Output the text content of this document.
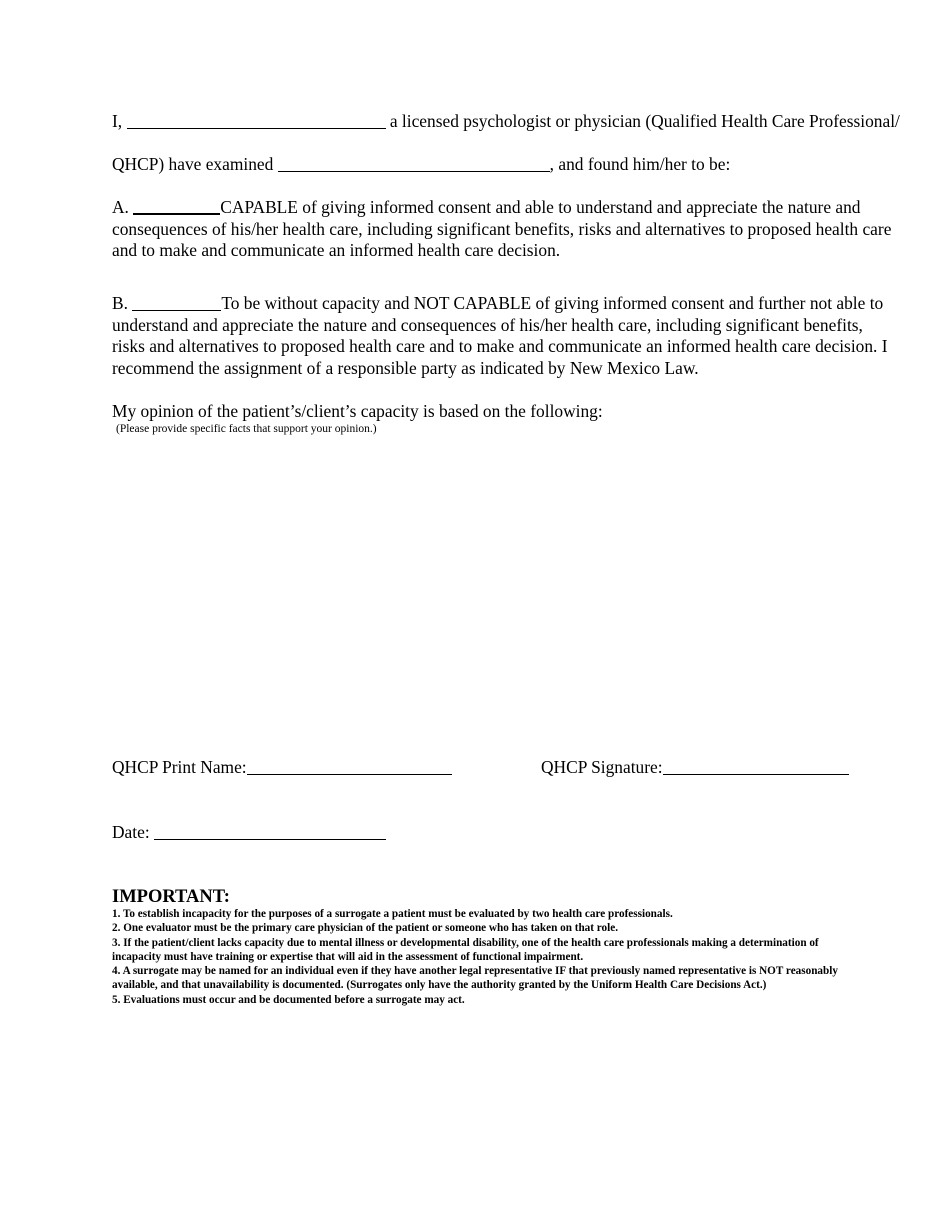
I,	a licensed psychologist or physician (Qualified Health Care Professional/
QHCP) have examined	, and found him/her to be:
A.	CAPABLE of giving informed consent and able to understand and appreciate the nature and
consequences of his/her health care, including significant benefits, risks and alternatives to proposed health care
and to make and communicate an informed health care decision.
B.	To be without capacity and NOT CAPABLE of giving informed consent and further not able to
understand and appreciate the nature and consequences of his/her health care, including significant benefits,
risks and alternatives to proposed health care and to make and communicate an informed health care decision. I
recommend the assignment of a responsible party as indicated by New Mexico Law.
My opinion of the patient’s/client’s capacity is based on the following:
(Please provide specific facts that support your opinion.)
QHCP Print Name:	QHCP Signature:
Date:
IMPORTANT:
1. To establish incapacity for the purposes of a surrogate a patient must be evaluated by two health care professionals.
2. One evaluator must be the primary care physician of the patient or someone who has taken on that role.
3. If the patient/client lacks capacity due to mental illness or developmental disability, one of the health care professionals making a determination of
incapacity must have training or expertise that will aid in the assessment of functional impairment.
4. A surrogate may be named for an individual even if they have another legal representative IF that previously named representative is NOT reasonably
available, and that unavailability is documented. (Surrogates only have the authority granted by the Uniform Health Care Decisions Act.)
5. Evaluations must occur and be documented before a surrogate may act.
